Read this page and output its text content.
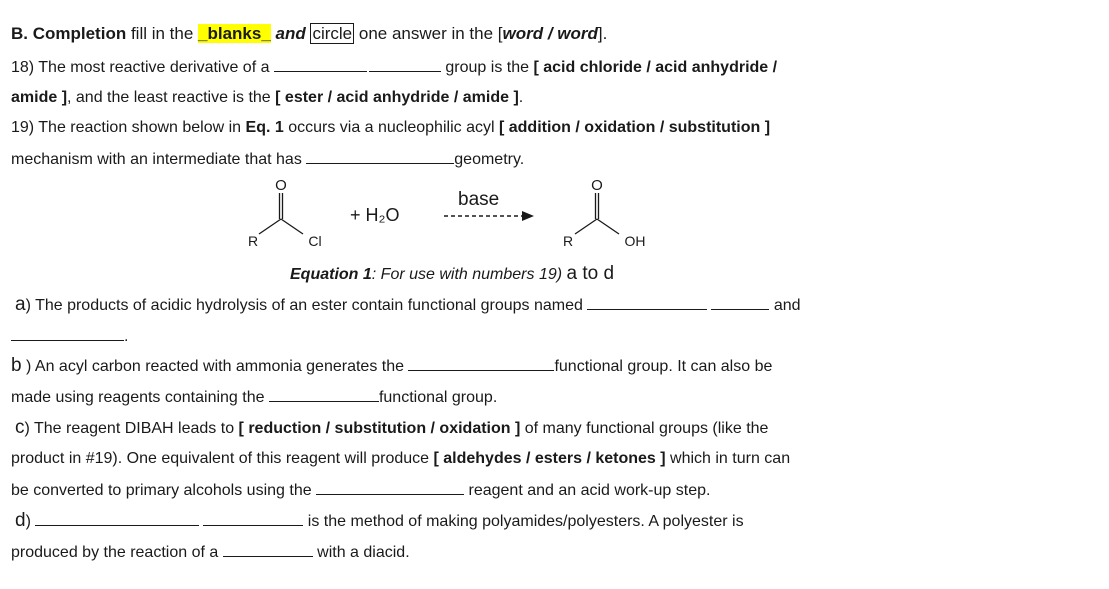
B. Completion fill in the _blanks_ and circle one answer in the [word / word].
18) The most reactive derivative of a	group is the [ acid chloride / acid anhydride /
amide ], and the least reactive is the [ ester / acid anhydride / amide ].
19) The reaction shown below in Eq. 1 occurs via a nucleophilic acyl [ addition / oxidation / substitution ]
mechanism with an intermediate that has	geometry.
O
R	Cl
+ H₂O
base
O
R	OH
Equation 1: For use with numbers 19) a to d
a) The products of acidic hydrolysis of an ester contain functional groups named	and
.
b ) An acyl carbon reacted with ammonia generates the	functional group. It can also be
made using reagents containing the	functional group.
c) The reagent DIBAH leads to [ reduction / substitution / oxidation ] of many functional groups (like the
product in #19). One equivalent of this reagent will produce [ aldehydes / esters / ketones ] which in turn can
be converted to primary alcohols using the	reagent and an acid work-up step.
d)	is the method of making polyamides/polyesters. A polyester is
produced by the reaction of a	with a diacid.
